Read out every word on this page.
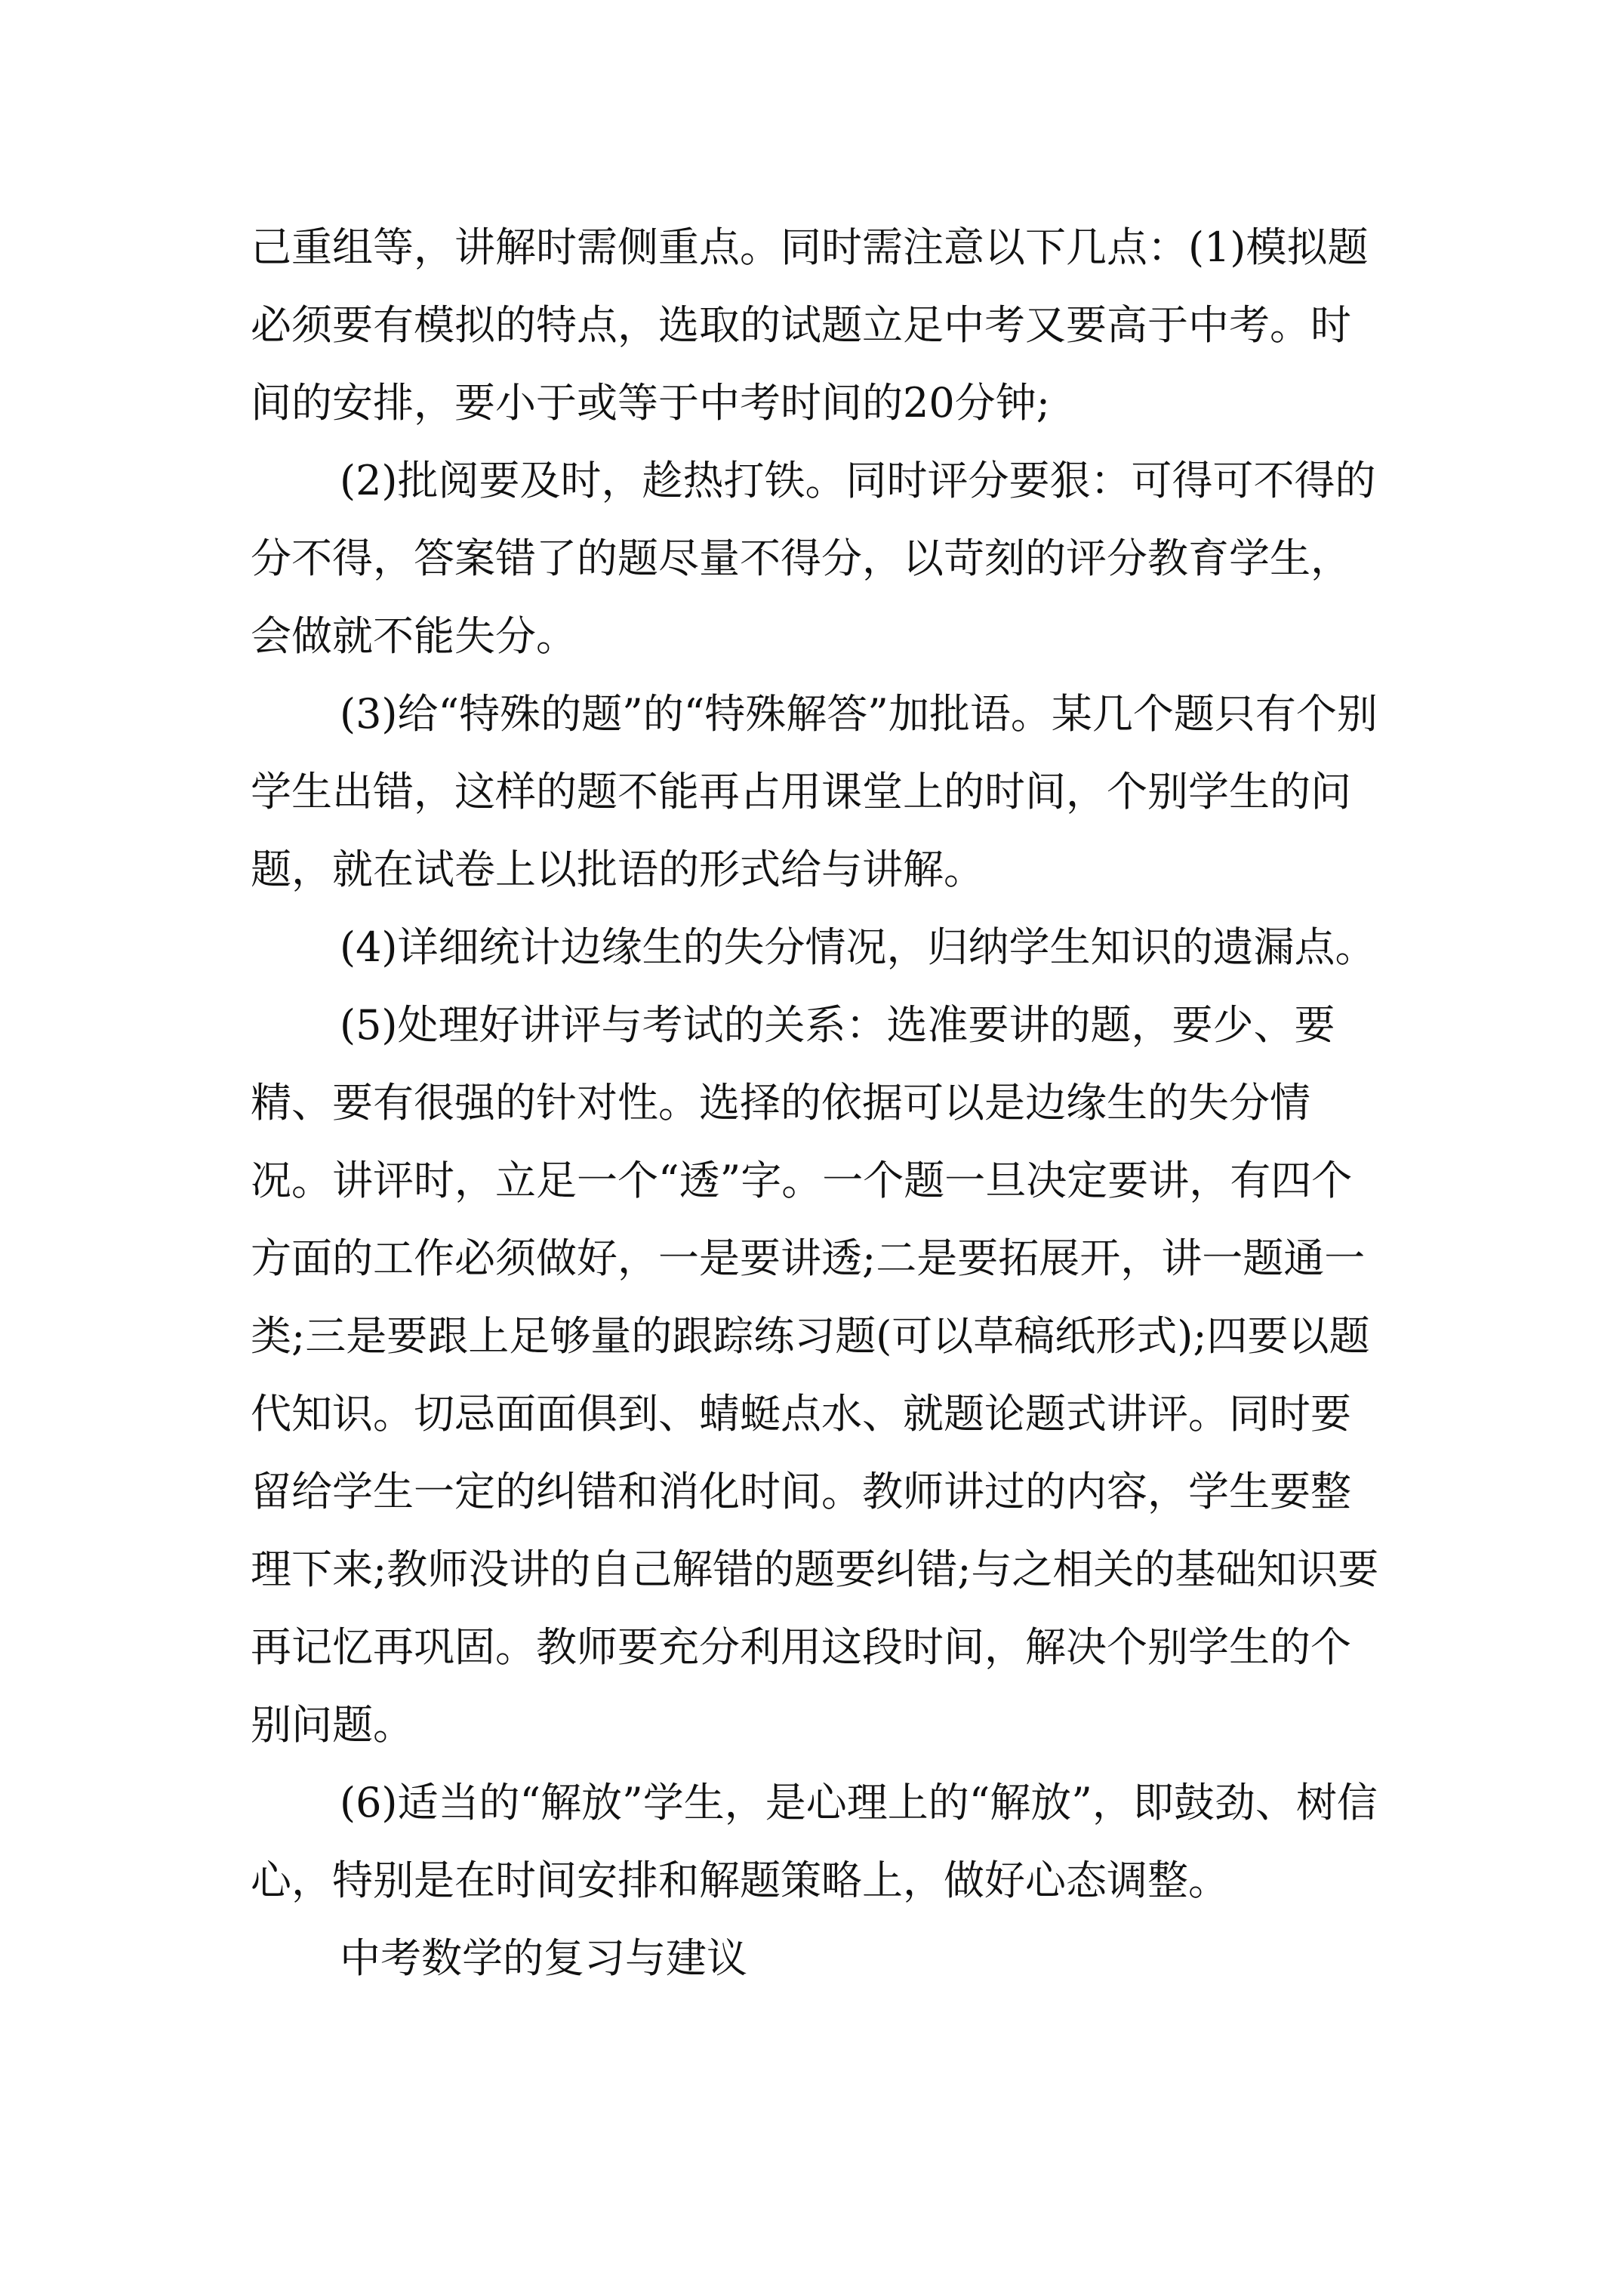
己重组等，讲解时需侧重点。同时需注意以下几点：(1)模拟题必须要有模拟的特点，选取的试题立足中考又要高于中考。时间的安排，要小于或等于中考时间的20分钟;

(2)批阅要及时，趁热打铁。同时评分要狠：可得可不得的分不得，答案错了的题尽量不得分，以苛刻的评分教育学生，会做就不能失分。

(3)给“特殊的题”的“特殊解答”加批语。某几个题只有个别学生出错，这样的题不能再占用课堂上的时间，个别学生的问题，就在试卷上以批语的形式给与讲解。

(4)详细统计边缘生的失分情况，归纳学生知识的遗漏点。

(5)处理好讲评与考试的关系：选准要讲的题，要少、要精、要有很强的针对性。选择的依据可以是边缘生的失分情况。讲评时，立足一个“透”字。一个题一旦决定要讲，有四个方面的工作必须做好，一是要讲透;二是要拓展开，讲一题通一类;三是要跟上足够量的跟踪练习题(可以草稿纸形式);四要以题代知识。切忌面面俱到、蜻蜓点水、就题论题式讲评。同时要留给学生一定的纠错和消化时间。教师讲过的内容，学生要整理下来;教师没讲的自己解错的题要纠错;与之相关的基础知识要再记忆再巩固。教师要充分利用这段时间，解决个别学生的个别问题。

(6)适当的“解放”学生，是心理上的“解放”，即鼓劲、树信心，特别是在时间安排和解题策略上，做好心态调整。

中考数学的复习与建议
